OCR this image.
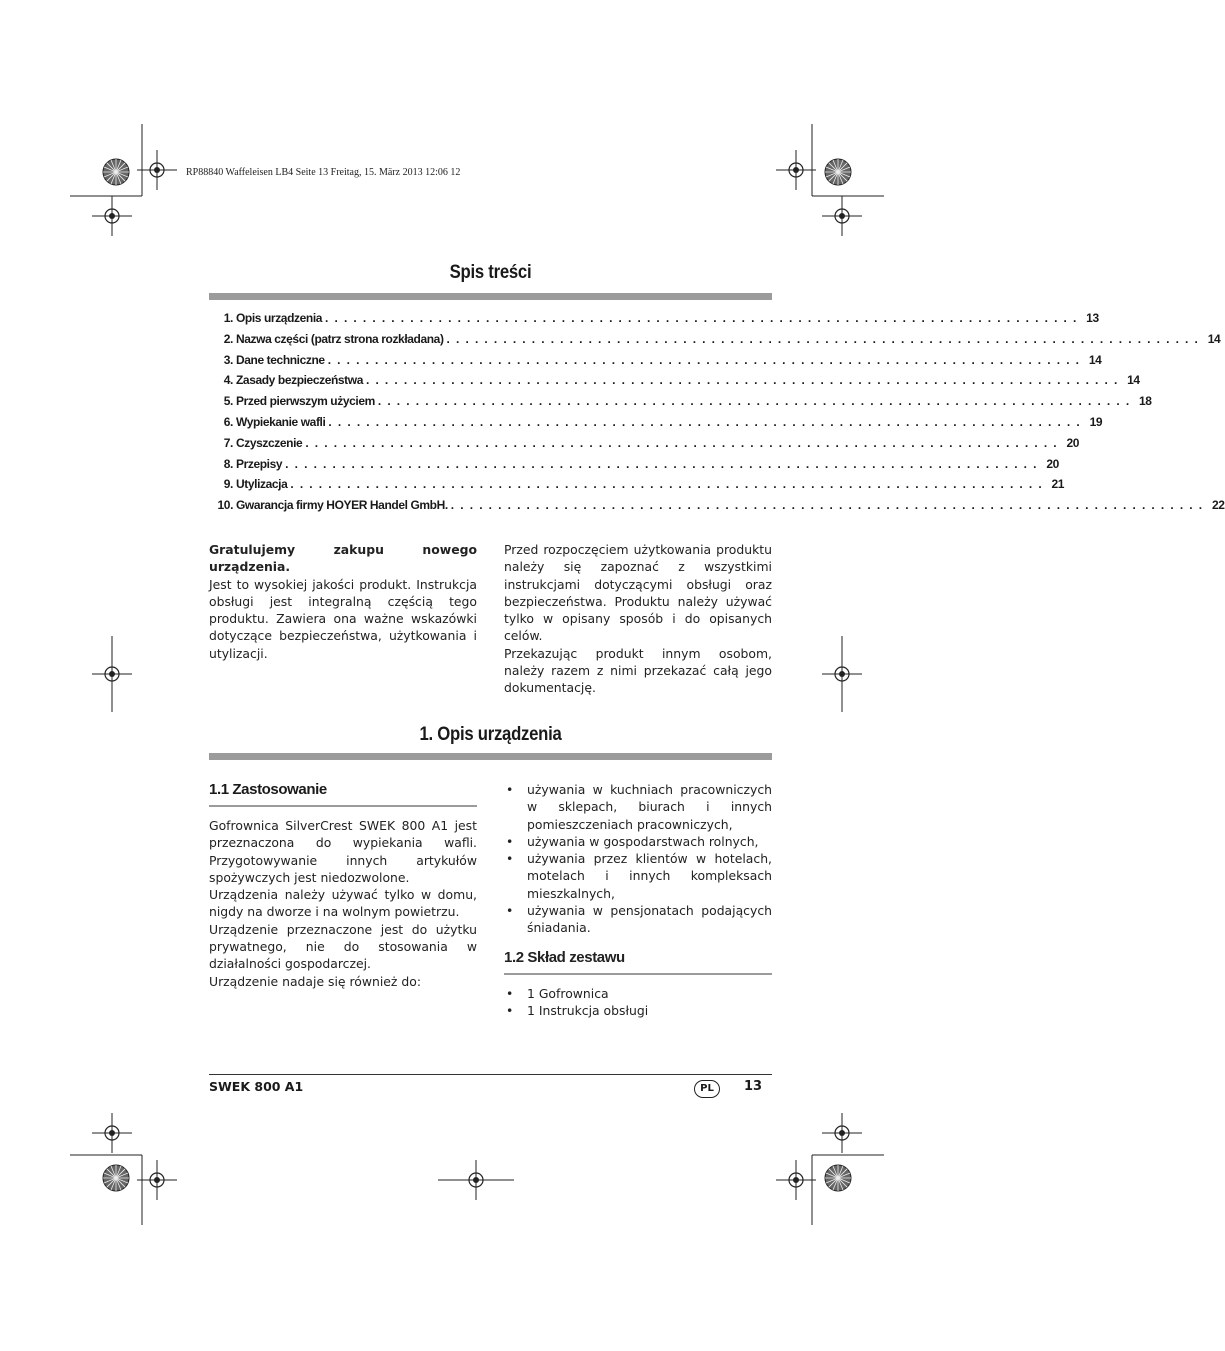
RP88840 Waffeleisen LB4 Seite 13 Freitag, 15. März 2013 12:06 12
Spis treści
1. Opis urządzenia . . . . . . . . . . . . . . . . . . . . . . . . . . . . . . . . . . . . . . . . . . . . . . . . . . . . . . . . . . . . . . . . . . . . . . . . . . . . . . . . 13
2. Nazwa części (patrz strona rozkładana) . . . . . . . . . . . . . . . . . . . . . . . . . . . . . . . . . . . . . . . . . . . . . . . . . . . . . . . . . . . . . . . . . . . . . . . . . . . . . . . . 14
3. Dane techniczne . . . . . . . . . . . . . . . . . . . . . . . . . . . . . . . . . . . . . . . . . . . . . . . . . . . . . . . . . . . . . . . . . . . . . . . . . . . . . . . . 14
4. Zasady bezpieczeństwa . . . . . . . . . . . . . . . . . . . . . . . . . . . . . . . . . . . . . . . . . . . . . . . . . . . . . . . . . . . . . . . . . . . . . . . . . . . . . . . . 14
5. Przed pierwszym użyciem . . . . . . . . . . . . . . . . . . . . . . . . . . . . . . . . . . . . . . . . . . . . . . . . . . . . . . . . . . . . . . . . . . . . . . . . . . . . . . . . 18
6. Wypiekanie wafli . . . . . . . . . . . . . . . . . . . . . . . . . . . . . . . . . . . . . . . . . . . . . . . . . . . . . . . . . . . . . . . . . . . . . . . . . . . . . . . . 19
7. Czyszczenie . . . . . . . . . . . . . . . . . . . . . . . . . . . . . . . . . . . . . . . . . . . . . . . . . . . . . . . . . . . . . . . . . . . . . . . . . . . . . . . . 20
8. Przepisy . . . . . . . . . . . . . . . . . . . . . . . . . . . . . . . . . . . . . . . . . . . . . . . . . . . . . . . . . . . . . . . . . . . . . . . . . . . . . . . . 20
9. Utylizacja . . . . . . . . . . . . . . . . . . . . . . . . . . . . . . . . . . . . . . . . . . . . . . . . . . . . . . . . . . . . . . . . . . . . . . . . . . . . . . . . 21
10. Gwarancja firmy HOYER Handel GmbH. . . . . . . . . . . . . . . . . . . . . . . . . . . . . . . . . . . . . . . . . . . . . . . . . . . . . . . . . . . . . . . . . . . . . . . . . . . . . . . . . 22

Gratulujemy zakupu nowego urządzenia.

Jest to wysokiej jakości produkt. Instrukcja obsługi jest integralną częścią tego produktu. Zawiera ona ważne wskazówki dotyczące bezpieczeństwa, użytkowania i utylizacji.

Przed rozpoczęciem użytkowania produktu należy się zapoznać z wszystkimi instrukcjami dotyczącymi obsługi oraz bezpieczeństwa. Produktu należy używać tylko w opisany sposób i do opisanych celów.

Przekazując produkt innym osobom, należy razem z nimi przekazać całą jego dokumentację.

1. Opis urządzenia
1.1 Zastosowanie

Gofrownica SilverCrest SWEK 800 A1 jest przeznaczona do wypiekania wafli. Przygotowywanie innych artykułów spożywczych jest niedozwolone.

Urządzenia należy używać tylko w domu, nigdy na dworze i na wolnym powietrzu.

Urządzenie przeznaczone jest do użytku prywatnego, nie do stosowania w działalności gospodarczej.

Urządzenie nadaje się również do:

• używania w kuchniach pracowniczych w sklepach, biurach i innych pomieszczeniach pracowniczych,
• używania w gospodarstwach rolnych,
• używania przez klientów w hotelach, motelach i innych kompleksach mieszkalnych,
• używania w pensjonatach podających śniadania.
1.2 Skład zestawu
• 1 Gofrownica
• 1 Instrukcja obsługi
SWEK 800 A1	PL	13
